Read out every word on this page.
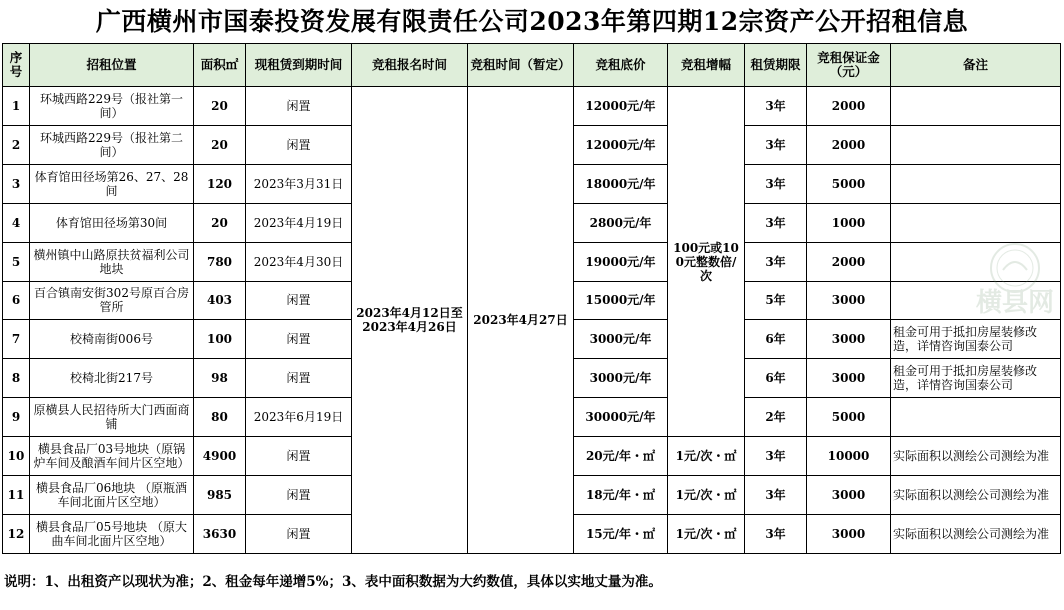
广西横州市国泰投资发展有限责任公司2023年第四期12宗资产公开招租信息
序号	招租位置	面积㎡	现租赁到期时间	竞租报名时间	竞租时间（暂定）	竞租底价	竞租增幅	租赁期限	竞租保证金（元）	备注
1	环城西路229号（报社第一间）	20	闲置	2023年4月12日至2023年4月26日	2023年4月27日	12000元/年	100元或100元整数倍/次	3年	2000	
2	环城西路229号（报社第二间）	20	闲置			12000元/年		3年	2000	
3	体育馆田径场第26、27、28间	120	2023年3月31日			18000元/年		3年	5000	
4	体育馆田径场第30间	20	2023年4月19日			2800元/年		3年	1000	
5	横州镇中山路原扶贫福利公司地块	780	2023年4月30日			19000元/年		3年	2000	
6	百合镇南安街302号原百合房管所	403	闲置			15000元/年		5年	3000	
7	校椅南街006号	100	闲置			3000元/年		6年	3000	租金可用于抵扣房屋装修改造，详情咨询国泰公司
8	校椅北街217号	98	闲置			3000元/年		6年	3000	租金可用于抵扣房屋装修改造，详情咨询国泰公司
9	原横县人民招待所大门西面商铺	80	2023年6月19日			30000元/年		2年	5000	
10	横县食品厂03号地块（原锅炉车间及酿酒车间片区空地）	4900	闲置			20元/年・㎡	1元/次・㎡	3年	10000	实际面积以测绘公司测绘为准
11	横县食品厂06地块 （原瓶酒车间北面片区空地）	985	闲置			18元/年・㎡	1元/次・㎡	3年	3000	实际面积以测绘公司测绘为准
12	横县食品厂05号地块 （原大曲车间北面片区空地）	3630	闲置			15元/年・㎡	1元/次・㎡	3年	3000	实际面积以测绘公司测绘为准
横县网
说明：1、出租资产以现状为准；2、租金每年递增5%；3、表中面积数据为大约数值，具体以实地丈量为准。
